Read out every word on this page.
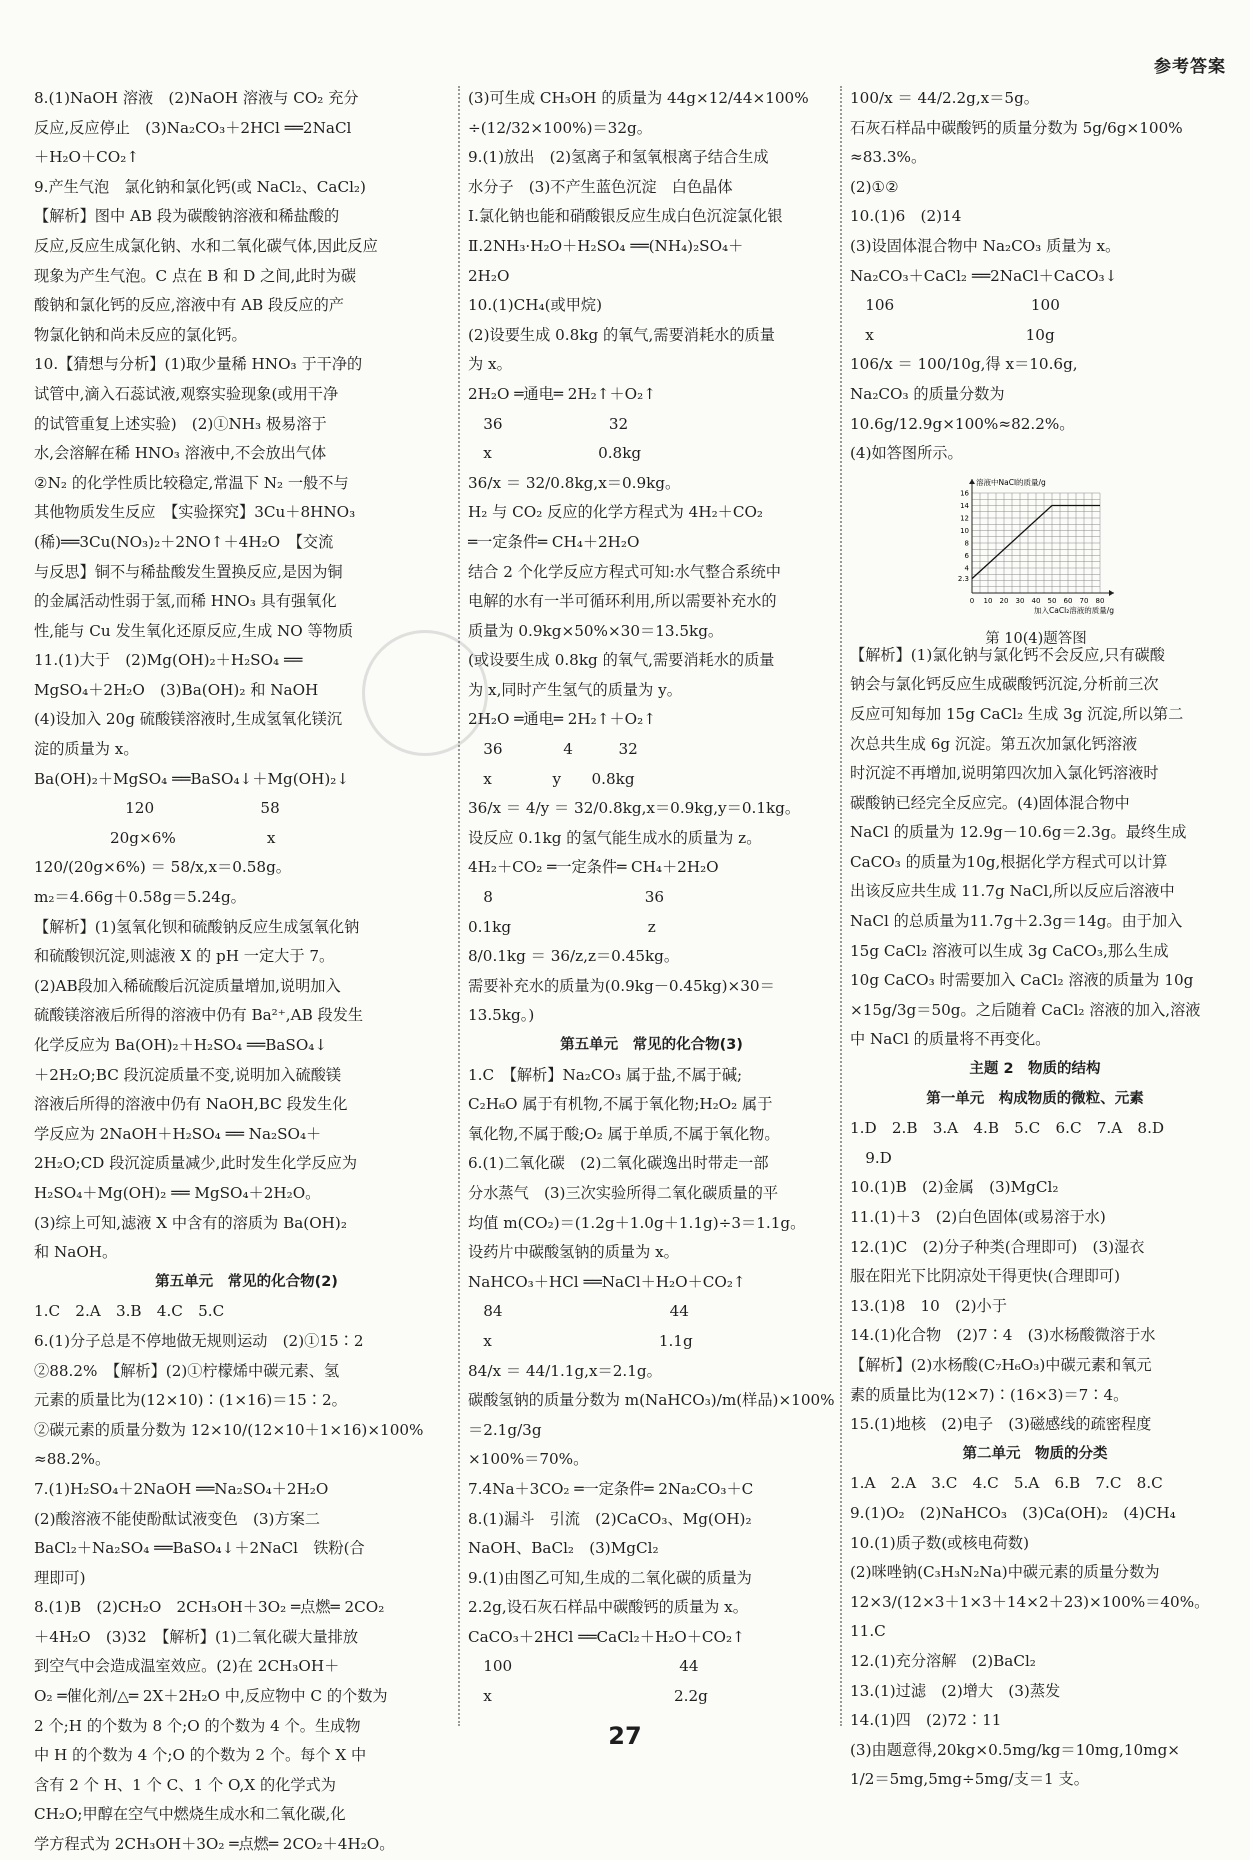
参考答案
8.(1)NaOH 溶液　(2)NaOH 溶液与 CO₂ 充分
反应,反应停止　(3)Na₂CO₃＋2HCl ══2NaCl
＋H₂O＋CO₂↑
9.产生气泡　氯化钠和氯化钙(或 NaCl₂、CaCl₂)
【解析】图中 AB 段为碳酸钠溶液和稀盐酸的
反应,反应生成氯化钠、水和二氧化碳气体,因此反应
现象为产生气泡。C 点在 B 和 D 之间,此时为碳
酸钠和氯化钙的反应,溶液中有 AB 段反应的产
物氯化钠和尚未反应的氯化钙。
10.【猜想与分析】(1)取少量稀 HNO₃ 于干净的
试管中,滴入石蕊试液,观察实验现象(或用干净
的试管重复上述实验)　(2)①NH₃ 极易溶于
水,会溶解在稀 HNO₃ 溶液中,不会放出气体
②N₂ 的化学性质比较稳定,常温下 N₂ 一般不与
其他物质发生反应　【实验探究】3Cu＋8HNO₃
(稀)══3Cu(NO₃)₂＋2NO↑＋4H₂O　【交流
与反思】铜不与稀盐酸发生置换反应,是因为铜
的金属活动性弱于氢,而稀 HNO₃ 具有强氧化
性,能与 Cu 发生氧化还原反应,生成 NO 等物质
11.(1)大于　(2)Mg(OH)₂＋H₂SO₄ ══
MgSO₄＋2H₂O　(3)Ba(OH)₂ 和 NaOH
(4)设加入 20g 硫酸镁溶液时,生成氢氧化镁沉
淀的质量为 x。
Ba(OH)₂＋MgSO₄ ══BaSO₄↓＋Mg(OH)₂↓
　　　　　　120　　　　　　　58
　　　　　20g×6%　　　　　　x
120/(20g×6%) ＝ 58/x,x＝0.58g。
m₂＝4.66g＋0.58g＝5.24g。
【解析】(1)氢氧化钡和硫酸钠反应生成氢氧化钠
和硫酸钡沉淀,则滤液 X 的 pH 一定大于 7。
(2)AB段加入稀硫酸后沉淀质量增加,说明加入
硫酸镁溶液后所得的溶液中仍有 Ba²⁺,AB 段发生
化学反应为 Ba(OH)₂＋H₂SO₄ ══BaSO₄↓
＋2H₂O;BC 段沉淀质量不变,说明加入硫酸镁
溶液后所得的溶液中仍有 NaOH,BC 段发生化
学反应为 2NaOH＋H₂SO₄ ══ Na₂SO₄＋
2H₂O;CD 段沉淀质量减少,此时发生化学反应为
H₂SO₄＋Mg(OH)₂ ══ MgSO₄＋2H₂O。
(3)综上可知,滤液 X 中含有的溶质为 Ba(OH)₂
和 NaOH。
第五单元　常见的化合物(2)
1.C　2.A　3.B　4.C　5.C
6.(1)分子总是不停地做无规则运动　(2)①15∶2
②88.2%　【解析】(2)①柠檬烯中碳元素、氢
元素的质量比为(12×10)∶(1×16)＝15∶2。
②碳元素的质量分数为 12×10/(12×10＋1×16)×100%
≈88.2%。
7.(1)H₂SO₄＋2NaOH ══Na₂SO₄＋2H₂O
(2)酸溶液不能使酚酞试液变色　(3)方案二
BaCl₂＋Na₂SO₄ ══BaSO₄↓＋2NaCl　铁粉(合
理即可)
8.(1)B　(2)CH₂O　2CH₃OH＋3O₂ ═点燃═ 2CO₂
＋4H₂O　(3)32　【解析】(1)二氧化碳大量排放
到空气中会造成温室效应。(2)在 2CH₃OH＋
O₂ ═催化剂/△═ 2X＋2H₂O 中,反应物中 C 的个数为
2 个;H 的个数为 8 个;O 的个数为 4 个。生成物
中 H 的个数为 4 个;O 的个数为 2 个。每个 X 中
含有 2 个 H、1 个 C、1 个 O,X 的化学式为
CH₂O;甲醇在空气中燃烧生成水和二氧化碳,化
学方程式为 2CH₃OH＋3O₂ ═点燃═ 2CO₂＋4H₂O。
(3)可生成 CH₃OH 的质量为 44g×12/44×100%
÷(12/32×100%)＝32g。
9.(1)放出　(2)氢离子和氢氧根离子结合生成
水分子　(3)不产生蓝色沉淀　白色晶体
Ⅰ.氯化钠也能和硝酸银反应生成白色沉淀氯化银
Ⅱ.2NH₃·H₂O＋H₂SO₄ ══(NH₄)₂SO₄＋
2H₂O
10.(1)CH₄(或甲烷)
(2)设要生成 0.8kg 的氧气,需要消耗水的质量
为 x。
2H₂O ═通电═ 2H₂↑＋O₂↑
　36　　　　　　　32
　x　　　　　　　0.8kg
36/x ＝ 32/0.8kg,x＝0.9kg。
H₂ 与 CO₂ 反应的化学方程式为 4H₂＋CO₂
═一定条件═ CH₄＋2H₂O
结合 2 个化学反应方程式可知:水气整合系统中
电解的水有一半可循环利用,所以需要补充水的
质量为 0.9kg×50%×30＝13.5kg。
(或设要生成 0.8kg 的氧气,需要消耗水的质量
为 x,同时产生氢气的质量为 y。
2H₂O ═通电═ 2H₂↑＋O₂↑
　36　　　　4　　　32
　x　　　　y　　0.8kg
36/x ＝ 4/y ＝ 32/0.8kg,x＝0.9kg,y＝0.1kg。
设反应 0.1kg 的氢气能生成水的质量为 z。
4H₂＋CO₂ ═一定条件═ CH₄＋2H₂O
　8　　　　　　　　　　36
0.1kg　　　　　　　　　z
8/0.1kg ＝ 36/z,z＝0.45kg。
需要补充水的质量为(0.9kg－0.45kg)×30＝
13.5kg。)
第五单元　常见的化合物(3)
1.C　【解析】Na₂CO₃ 属于盐,不属于碱;
C₂H₆O 属于有机物,不属于氧化物;H₂O₂ 属于
氧化物,不属于酸;O₂ 属于单质,不属于氧化物。
6.(1)二氧化碳　(2)二氧化碳逸出时带走一部
分水蒸气　(3)三次实验所得二氧化碳质量的平
均值 m(CO₂)＝(1.2g＋1.0g＋1.1g)÷3＝1.1g。
设药片中碳酸氢钠的质量为 x。
NaHCO₃＋HCl ══NaCl＋H₂O＋CO₂↑
　84　　　　　　　　　　　44
　x　　　　　　　　　　　1.1g
84/x ＝ 44/1.1g,x＝2.1g。
碳酸氢钠的质量分数为 m(NaHCO₃)/m(样品)×100%＝2.1g/3g
×100%＝70%。
7.4Na＋3CO₂ ═一定条件═ 2Na₂CO₃＋C
8.(1)漏斗　引流　(2)CaCO₃、Mg(OH)₂
NaOH、BaCl₂　(3)MgCl₂
9.(1)由图乙可知,生成的二氧化碳的质量为
2.2g,设石灰石样品中碳酸钙的质量为 x。
CaCO₃＋2HCl ══CaCl₂＋H₂O＋CO₂↑
　100　　　　　　　　　　　44
　x　　　　　　　　　　　　2.2g
100/x ＝ 44/2.2g,x＝5g。
石灰石样品中碳酸钙的质量分数为 5g/6g×100%
≈83.3%。
(2)①②
10.(1)6　(2)14
(3)设固体混合物中 Na₂CO₃ 质量为 x。
Na₂CO₃＋CaCl₂ ══2NaCl＋CaCO₃↓
　106　　　　　　　　　100
　x　　　　　　　　　　10g
106/x ＝ 100/10g,得 x＝10.6g,
Na₂CO₃ 的质量分数为 10.6g/12.9g×100%≈82.2%。
(4)如答图所示。
0 10 20 30 40 50 60 70 80
2.3
4
6
8
10
12
14
16
溶液中NaCl的质量/g
加入CaCl₂溶液的质量/g
第 10(4)题答图
【解析】(1)氯化钠与氯化钙不会反应,只有碳酸
钠会与氯化钙反应生成碳酸钙沉淀,分析前三次
反应可知每加 15g CaCl₂ 生成 3g 沉淀,所以第二
次总共生成 6g 沉淀。第五次加氯化钙溶液
时沉淀不再增加,说明第四次加入氯化钙溶液时
碳酸钠已经完全反应完。(4)固体混合物中
NaCl 的质量为 12.9g－10.6g＝2.3g。最终生成
CaCO₃ 的质量为10g,根据化学方程式可以计算
出该反应共生成 11.7g NaCl,所以反应后溶液中
NaCl 的总质量为11.7g＋2.3g＝14g。由于加入
15g CaCl₂ 溶液可以生成 3g CaCO₃,那么生成
10g CaCO₃ 时需要加入 CaCl₂ 溶液的质量为 10g
×15g/3g＝50g。之后随着 CaCl₂ 溶液的加入,溶液
中 NaCl 的质量将不再变化。
主题 2　物质的结构
第一单元　构成物质的微粒、元素
1.D　2.B　3.A　4.B　5.C　6.C　7.A　8.D
　9.D
10.(1)B　(2)金属　(3)MgCl₂
11.(1)＋3　(2)白色固体(或易溶于水)
12.(1)C　(2)分子种类(合理即可)　(3)湿衣
服在阳光下比阴凉处干得更快(合理即可)
13.(1)8　10　(2)小于
14.(1)化合物　(2)7∶4　(3)水杨酸微溶于水
【解析】(2)水杨酸(C₇H₆O₃)中碳元素和氧元
素的质量比为(12×7)∶(16×3)＝7∶4。
15.(1)地核　(2)电子　(3)磁感线的疏密程度
第二单元　物质的分类
1.A　2.A　3.C　4.C　5.A　6.B　7.C　8.C
9.(1)O₂　(2)NaHCO₃　(3)Ca(OH)₂　(4)CH₄
10.(1)质子数(或核电荷数)
(2)咪唑钠(C₃H₃N₂Na)中碳元素的质量分数为
12×3/(12×3＋1×3＋14×2＋23)×100%＝40%。
11.C
12.(1)充分溶解　(2)BaCl₂
13.(1)过滤　(2)增大　(3)蒸发
14.(1)四　(2)72∶11
(3)由题意得,20kg×0.5mg/kg＝10mg,10mg×
1/2＝5mg,5mg÷5mg/支＝1 支。
27
